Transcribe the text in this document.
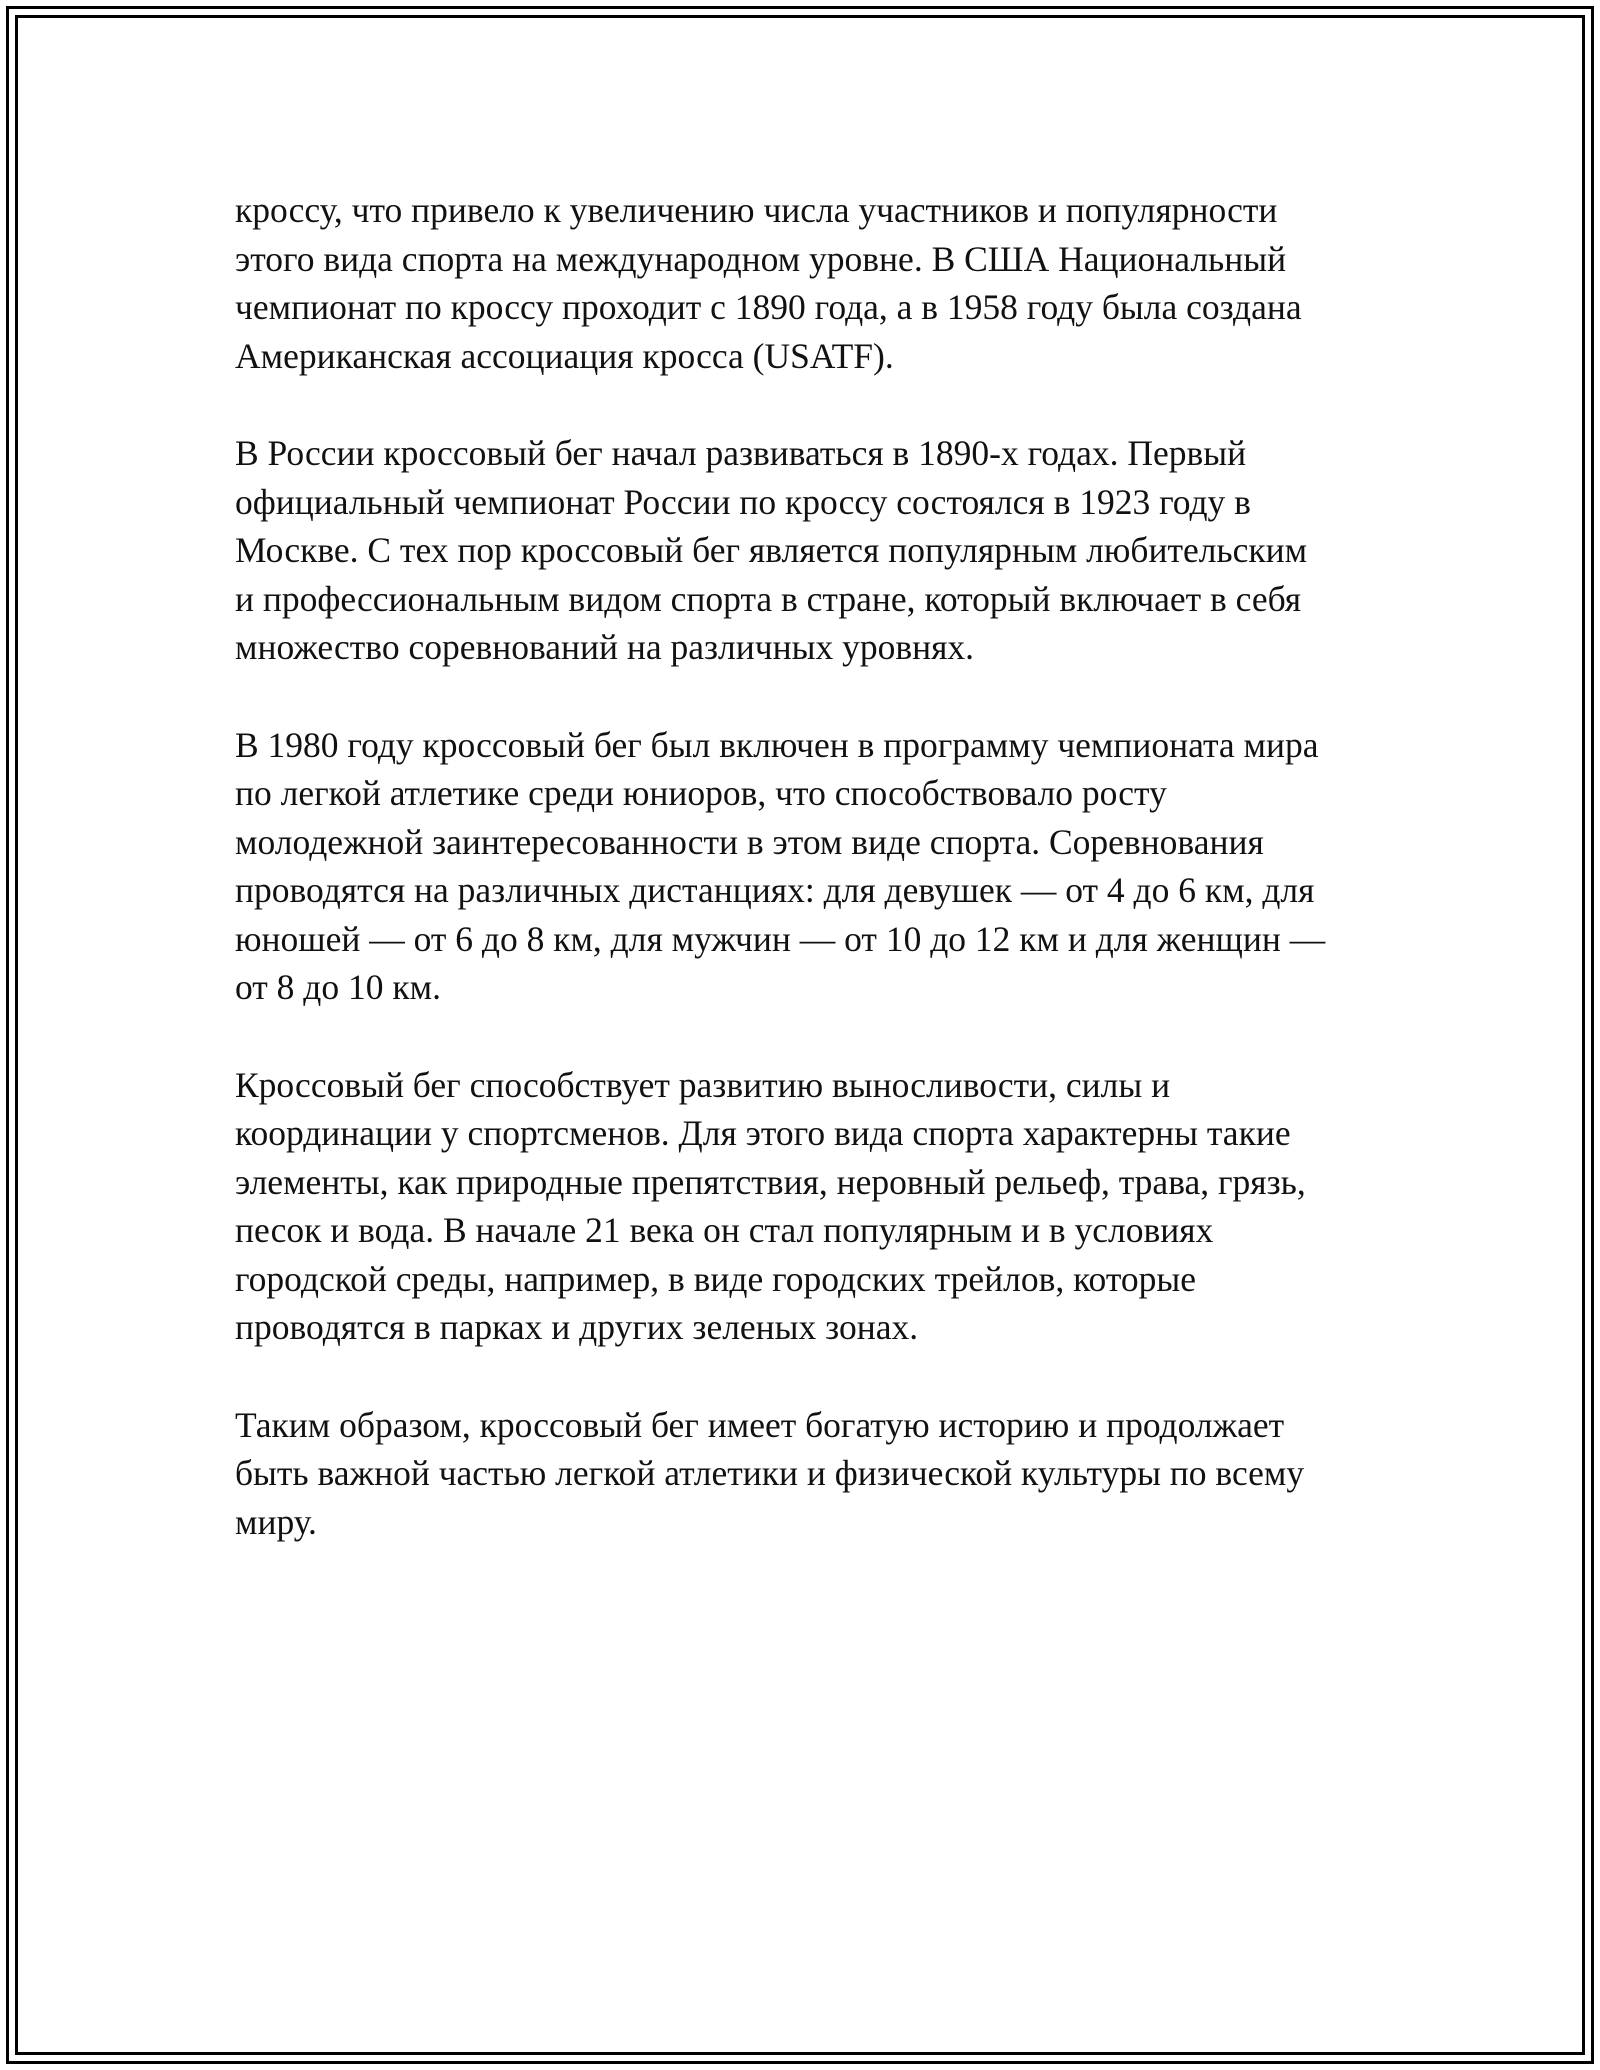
кроссу, что привело к увеличению числа участников и популярности
этого вида спорта на международном уровне. В США Национальный
чемпионат по кроссу проходит с 1890 года, а в 1958 году была создана
Американская ассоциация кросса (USATF).

В России кроссовый бег начал развиваться в 1890-х годах. Первый
официальный чемпионат России по кроссу состоялся в 1923 году в
Москве. С тех пор кроссовый бег является популярным любительским
и профессиональным видом спорта в стране, который включает в себя
множество соревнований на различных уровнях.

В 1980 году кроссовый бег был включен в программу чемпионата мира
по легкой атлетике среди юниоров, что способствовало росту
молодежной заинтересованности в этом виде спорта. Соревнования
проводятся на различных дистанциях: для девушек — от 4 до 6 км, для
юношей — от 6 до 8 км, для мужчин — от 10 до 12 км и для женщин —
от 8 до 10 км.

Кроссовый бег способствует развитию выносливости, силы и
координации у спортсменов. Для этого вида спорта характерны такие
элементы, как природные препятствия, неровный рельеф, трава, грязь,
песок и вода. В начале 21 века он стал популярным и в условиях
городской среды, например, в виде городских трейлов, которые
проводятся в парках и других зеленых зонах.

Таким образом, кроссовый бег имеет богатую историю и продолжает
быть важной частью легкой атлетики и физической культуры по всему
миру.
